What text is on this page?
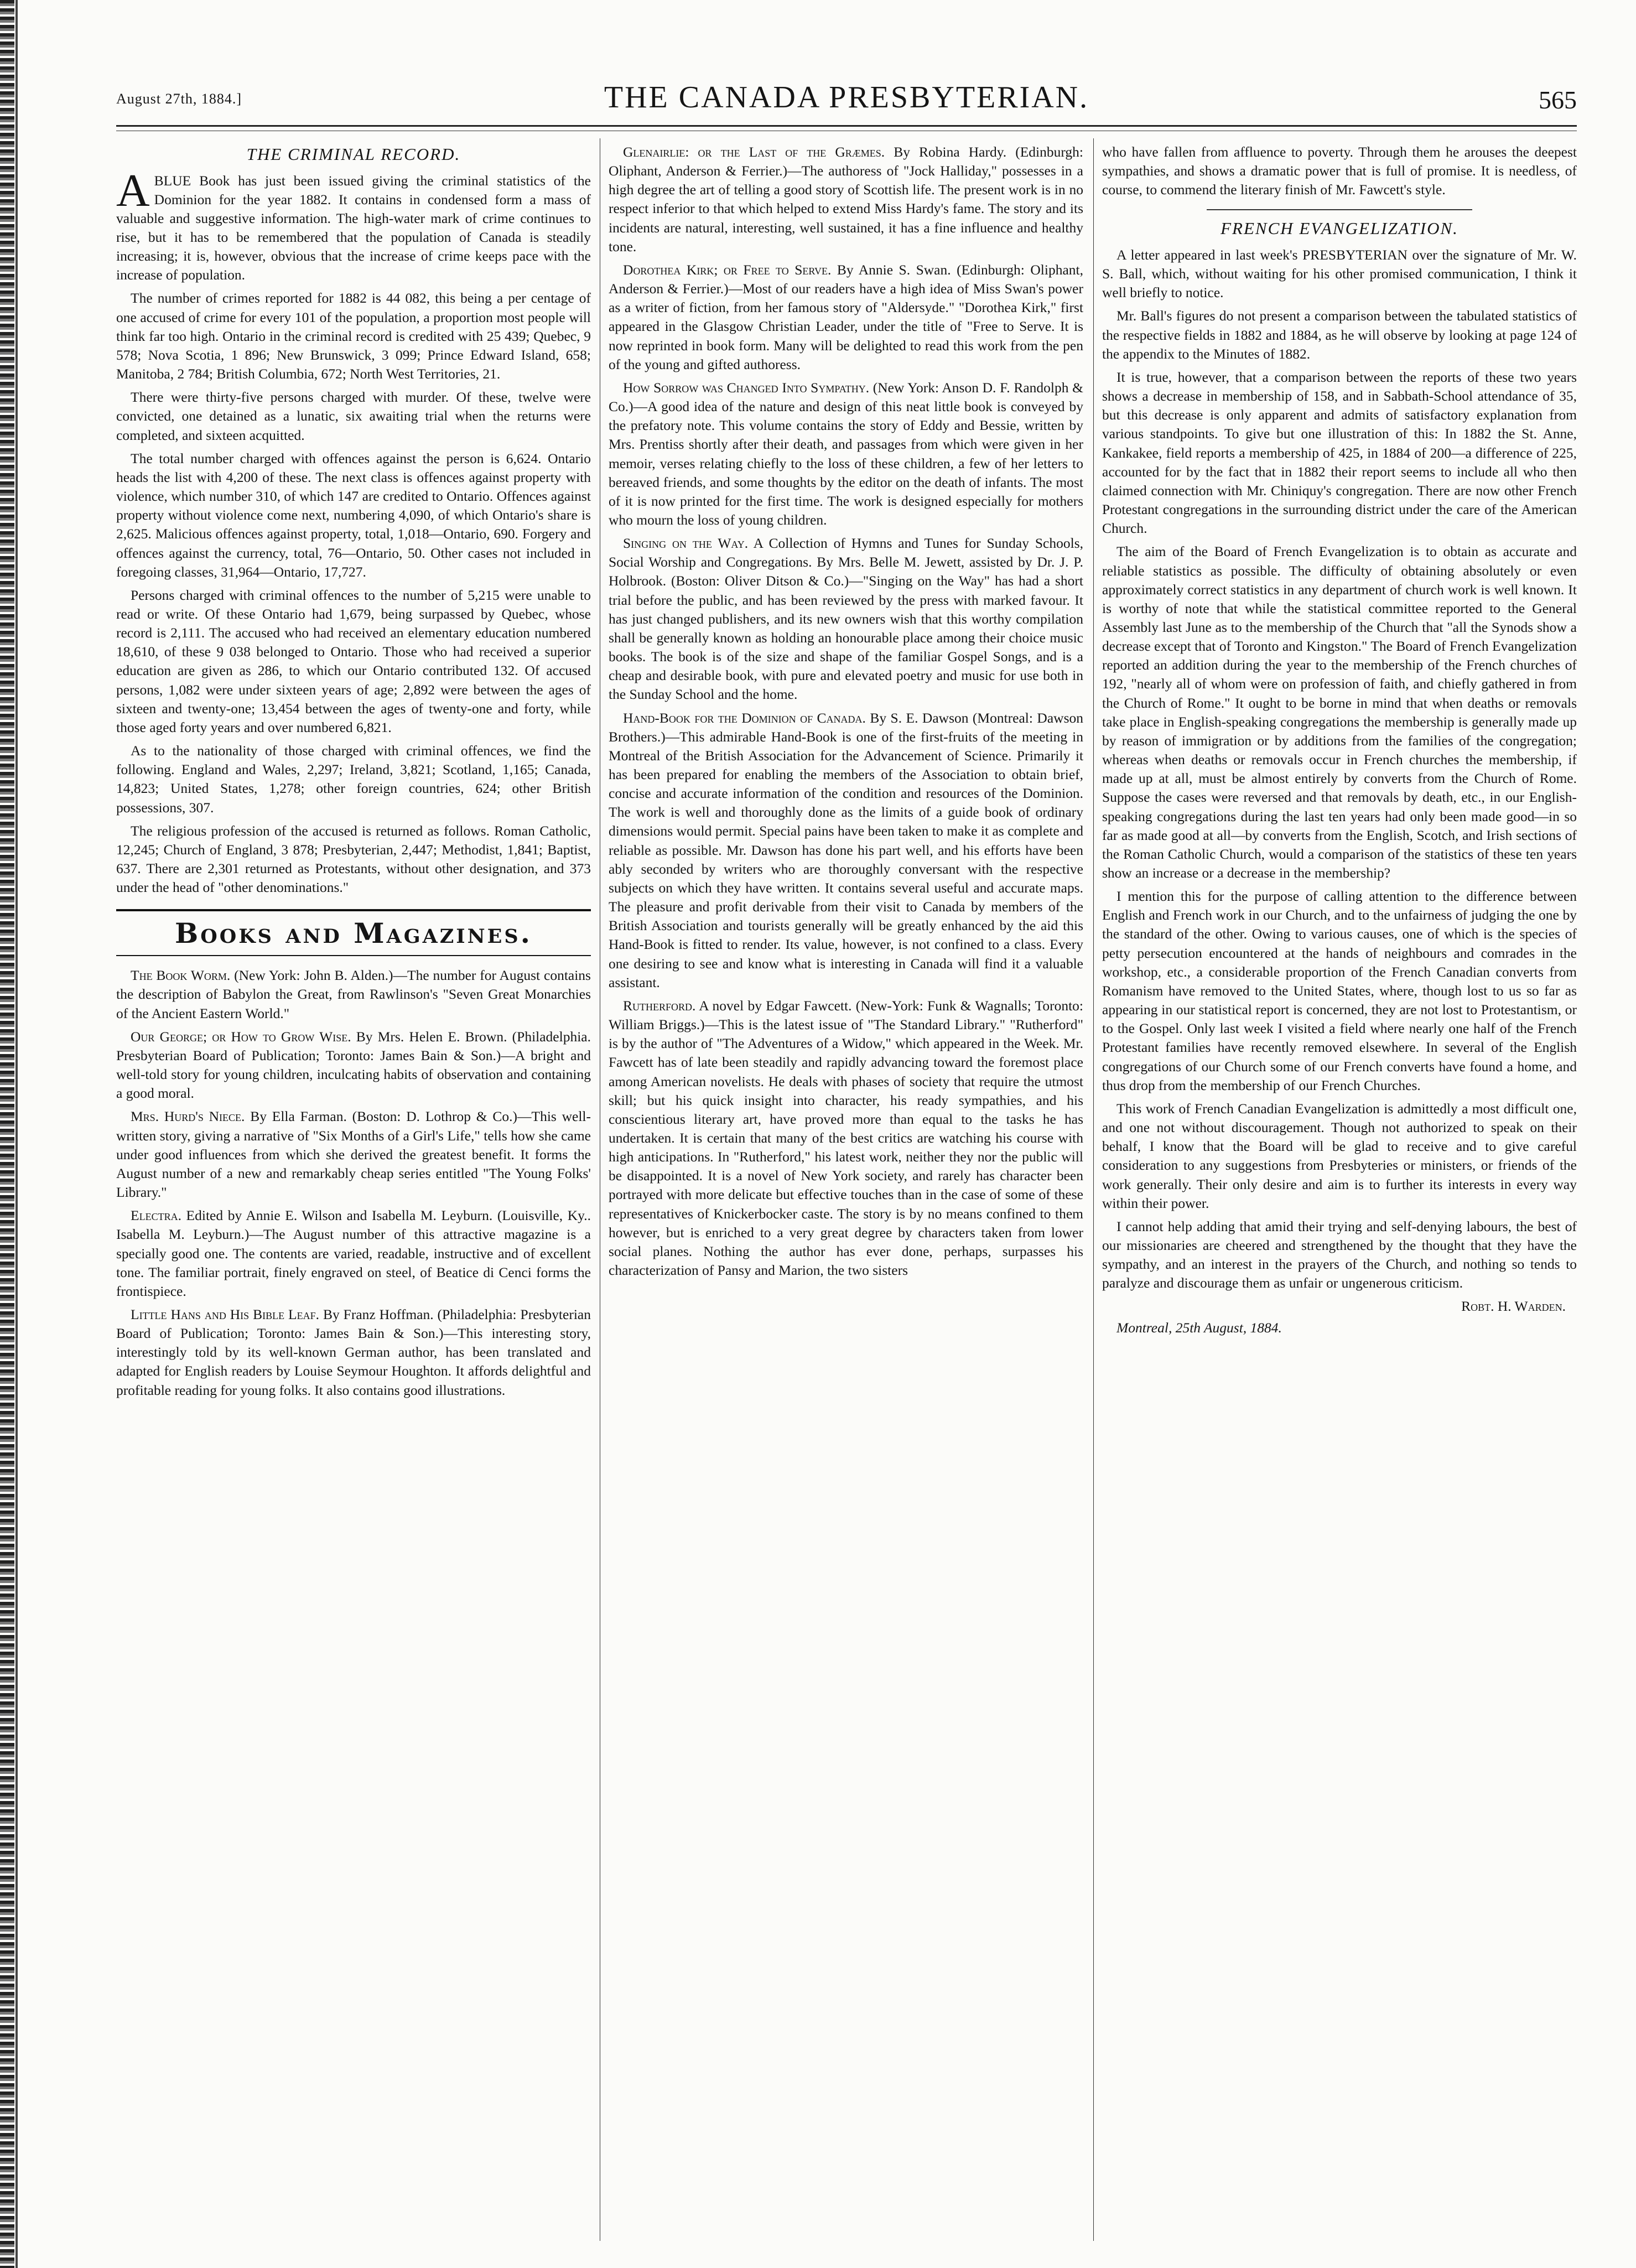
August 27th, 1884.]	THE CANADA PRESBYTERIAN.	565
THE CRIMINAL RECORD.

ABLUE Book has just been issued giving the criminal statistics of the Dominion for the year 1882. It contains in condensed form a mass of valuable and suggestive information. The high-water mark of crime continues to rise, but it has to be remembered that the population of Canada is steadily increasing; it is, however, obvious that the increase of crime keeps pace with the increase of population.

The number of crimes reported for 1882 is 44 082, this being a per centage of one accused of crime for every 101 of the population, a proportion most people will think far too high. Ontario in the criminal record is credited with 25 439; Quebec, 9 578; Nova Scotia, 1 896; New Brunswick, 3 099; Prince Edward Island, 658; Manitoba, 2 784; British Columbia, 672; North West Territories, 21.

There were thirty-five persons charged with murder. Of these, twelve were convicted, one detained as a lunatic, six awaiting trial when the returns were completed, and sixteen acquitted.

The total number charged with offences against the person is 6,624. Ontario heads the list with 4,200 of these. The next class is offences against property with violence, which number 310, of which 147 are credited to Ontario. Offences against property without violence come next, numbering 4,090, of which Ontario's share is 2,625. Malicious offences against property, total, 1,018—Ontario, 690. Forgery and offences against the currency, total, 76—Ontario, 50. Other cases not included in foregoing classes, 31,964—Ontario, 17,727.

Persons charged with criminal offences to the number of 5,215 were unable to read or write. Of these Ontario had 1,679, being surpassed by Quebec, whose record is 2,111. The accused who had received an elementary education numbered 18,610, of these 9 038 belonged to Ontario. Those who had received a superior education are given as 286, to which our Ontario contributed 132. Of accused persons, 1,082 were under sixteen years of age; 2,892 were between the ages of sixteen and twenty-one; 13,454 between the ages of twenty-one and forty, while those aged forty years and over numbered 6,821.

As to the nationality of those charged with criminal offences, we find the following. England and Wales, 2,297; Ireland, 3,821; Scotland, 1,165; Canada, 14,823; United States, 1,278; other foreign countries, 624; other British possessions, 307.

The religious profession of the accused is returned as follows. Roman Catholic, 12,245; Church of England, 3 878; Presbyterian, 2,447; Methodist, 1,841; Baptist, 637. There are 2,301 returned as Protestants, without other designation, and 373 under the head of "other denominations."

Books and Magazines.

The Book Worm. (New York: John B. Alden.)—The number for August contains the description of Babylon the Great, from Rawlinson's "Seven Great Monarchies of the Ancient Eastern World."

Our George; or How to Grow Wise. By Mrs. Helen E. Brown. (Philadelphia. Presbyterian Board of Publication; Toronto: James Bain & Son.)—A bright and well-told story for young children, inculcating habits of observation and containing a good moral.

Mrs. Hurd's Niece. By Ella Farman. (Boston: D. Lothrop & Co.)—This well-written story, giving a narrative of "Six Months of a Girl's Life," tells how she came under good influences from which she derived the greatest benefit. It forms the August number of a new and remarkably cheap series entitled "The Young Folks' Library."

Electra. Edited by Annie E. Wilson and Isabella M. Leyburn. (Louisville, Ky.. Isabella M. Leyburn.)—The August number of this attractive magazine is a specially good one. The contents are varied, readable, instructive and of excellent tone. The familiar portrait, finely engraved on steel, of Beatice di Cenci forms the frontispiece.

Little Hans and His Bible Leaf. By Franz Hoffman. (Philadelphia: Presbyterian Board of Publication; Toronto: James Bain & Son.)—This interesting story, interestingly told by its well-known German author, has been translated and adapted for English readers by Louise Seymour Houghton. It affords delightful and profitable reading for young folks. It also contains good illustrations.

Glenairlie: or the Last of the Græmes. By Robina Hardy. (Edinburgh: Oliphant, Anderson & Ferrier.)—The authoress of "Jock Halliday," possesses in a high degree the art of telling a good story of Scottish life. The present work is in no respect inferior to that which helped to extend Miss Hardy's fame. The story and its incidents are natural, interesting, well sustained, it has a fine influence and healthy tone.

Dorothea Kirk; or Free to Serve. By Annie S. Swan. (Edinburgh: Oliphant, Anderson & Ferrier.)—Most of our readers have a high idea of Miss Swan's power as a writer of fiction, from her famous story of "Aldersyde." "Dorothea Kirk," first appeared in the Glasgow Christian Leader, under the title of "Free to Serve. It is now reprinted in book form. Many will be delighted to read this work from the pen of the young and gifted authoress.

How Sorrow was Changed Into Sympathy. (New York: Anson D. F. Randolph & Co.)—A good idea of the nature and design of this neat little book is conveyed by the prefatory note. This volume contains the story of Eddy and Bessie, written by Mrs. Prentiss shortly after their death, and passages from which were given in her memoir, verses relating chiefly to the loss of these children, a few of her letters to bereaved friends, and some thoughts by the editor on the death of infants. The most of it is now printed for the first time. The work is designed especially for mothers who mourn the loss of young children.

Singing on the Way. A Collection of Hymns and Tunes for Sunday Schools, Social Worship and Congregations. By Mrs. Belle M. Jewett, assisted by Dr. J. P. Holbrook. (Boston: Oliver Ditson & Co.)—"Singing on the Way" has had a short trial before the public, and has been reviewed by the press with marked favour. It has just changed publishers, and its new owners wish that this worthy compilation shall be generally known as holding an honourable place among their choice music books. The book is of the size and shape of the familiar Gospel Songs, and is a cheap and desirable book, with pure and elevated poetry and music for use both in the Sunday School and the home.

Hand-Book for the Dominion of Canada. By S. E. Dawson (Montreal: Dawson Brothers.)—This admirable Hand-Book is one of the first-fruits of the meeting in Montreal of the British Association for the Advancement of Science. Primarily it has been prepared for enabling the members of the Association to obtain brief, concise and accurate information of the condition and resources of the Dominion. The work is well and thoroughly done as the limits of a guide book of ordinary dimensions would permit. Special pains have been taken to make it as complete and reliable as possible. Mr. Dawson has done his part well, and his efforts have been ably seconded by writers who are thoroughly conversant with the respective subjects on which they have written. It contains several useful and accurate maps. The pleasure and profit derivable from their visit to Canada by members of the British Association and tourists generally will be greatly enhanced by the aid this Hand-Book is fitted to render. Its value, however, is not confined to a class. Every one desiring to see and know what is interesting in Canada will find it a valuable assistant.

Rutherford. A novel by Edgar Fawcett. (New-York: Funk & Wagnalls; Toronto: William Briggs.)—This is the latest issue of "The Standard Library." "Rutherford" is by the author of "The Adventures of a Widow," which appeared in the Week. Mr. Fawcett has of late been steadily and rapidly advancing toward the foremost place among American novelists. He deals with phases of society that require the utmost skill; but his quick insight into character, his ready sympathies, and his conscientious literary art, have proved more than equal to the tasks he has undertaken. It is certain that many of the best critics are watching his course with high anticipations. In "Rutherford," his latest work, neither they nor the public will be disappointed. It is a novel of New York society, and rarely has character been portrayed with more delicate but effective touches than in the case of some of these representatives of Knickerbocker caste. The story is by no means confined to them however, but is enriched to a very great degree by characters taken from lower social planes. Nothing the author has ever done, perhaps, surpasses his characterization of Pansy and Marion, the two sisters

who have fallen from affluence to poverty. Through them he arouses the deepest sympathies, and shows a dramatic power that is full of promise. It is needless, of course, to commend the literary finish of Mr. Fawcett's style.

FRENCH EVANGELIZATION.

A letter appeared in last week's PRESBYTERIAN over the signature of Mr. W. S. Ball, which, without waiting for his other promised communication, I think it well briefly to notice.

Mr. Ball's figures do not present a comparison between the tabulated statistics of the respective fields in 1882 and 1884, as he will observe by looking at page 124 of the appendix to the Minutes of 1882.

It is true, however, that a comparison between the reports of these two years shows a decrease in membership of 158, and in Sabbath-School attendance of 35, but this decrease is only apparent and admits of satisfactory explanation from various standpoints. To give but one illustration of this: In 1882 the St. Anne, Kankakee, field reports a membership of 425, in 1884 of 200—a difference of 225, accounted for by the fact that in 1882 their report seems to include all who then claimed connection with Mr. Chiniquy's congregation. There are now other French Protestant congregations in the surrounding district under the care of the American Church.

The aim of the Board of French Evangelization is to obtain as accurate and reliable statistics as possible. The difficulty of obtaining absolutely or even approximately correct statistics in any department of church work is well known. It is worthy of note that while the statistical committee reported to the General Assembly last June as to the membership of the Church that "all the Synods show a decrease except that of Toronto and Kingston." The Board of French Evangelization reported an addition during the year to the membership of the French churches of 192, "nearly all of whom were on profession of faith, and chiefly gathered in from the Church of Rome." It ought to be borne in mind that when deaths or removals take place in English-speaking congregations the membership is generally made up by reason of immigration or by additions from the families of the congregation; whereas when deaths or removals occur in French churches the membership, if made up at all, must be almost entirely by converts from the Church of Rome. Suppose the cases were reversed and that removals by death, etc., in our English-speaking congregations during the last ten years had only been made good—in so far as made good at all—by converts from the English, Scotch, and Irish sections of the Roman Catholic Church, would a comparison of the statistics of these ten years show an increase or a decrease in the membership?

I mention this for the purpose of calling attention to the difference between English and French work in our Church, and to the unfairness of judging the one by the standard of the other. Owing to various causes, one of which is the species of petty persecution encountered at the hands of neighbours and comrades in the workshop, etc., a considerable proportion of the French Canadian converts from Romanism have removed to the United States, where, though lost to us so far as appearing in our statistical report is concerned, they are not lost to Protestantism, or to the Gospel. Only last week I visited a field where nearly one half of the French Protestant families have recently removed elsewhere. In several of the English congregations of our Church some of our French converts have found a home, and thus drop from the membership of our French Churches.

This work of French Canadian Evangelization is admittedly a most difficult one, and one not without discouragement. Though not authorized to speak on their behalf, I know that the Board will be glad to receive and to give careful consideration to any suggestions from Presbyteries or ministers, or friends of the work generally. Their only desire and aim is to further its interests in every way within their power.

I cannot help adding that amid their trying and self-denying labours, the best of our missionaries are cheered and strengthened by the thought that they have the sympathy, and an interest in the prayers of the Church, and nothing so tends to paralyze and discourage them as unfair or ungenerous criticism.

Robt. H. Warden.

Montreal, 25th August, 1884.
